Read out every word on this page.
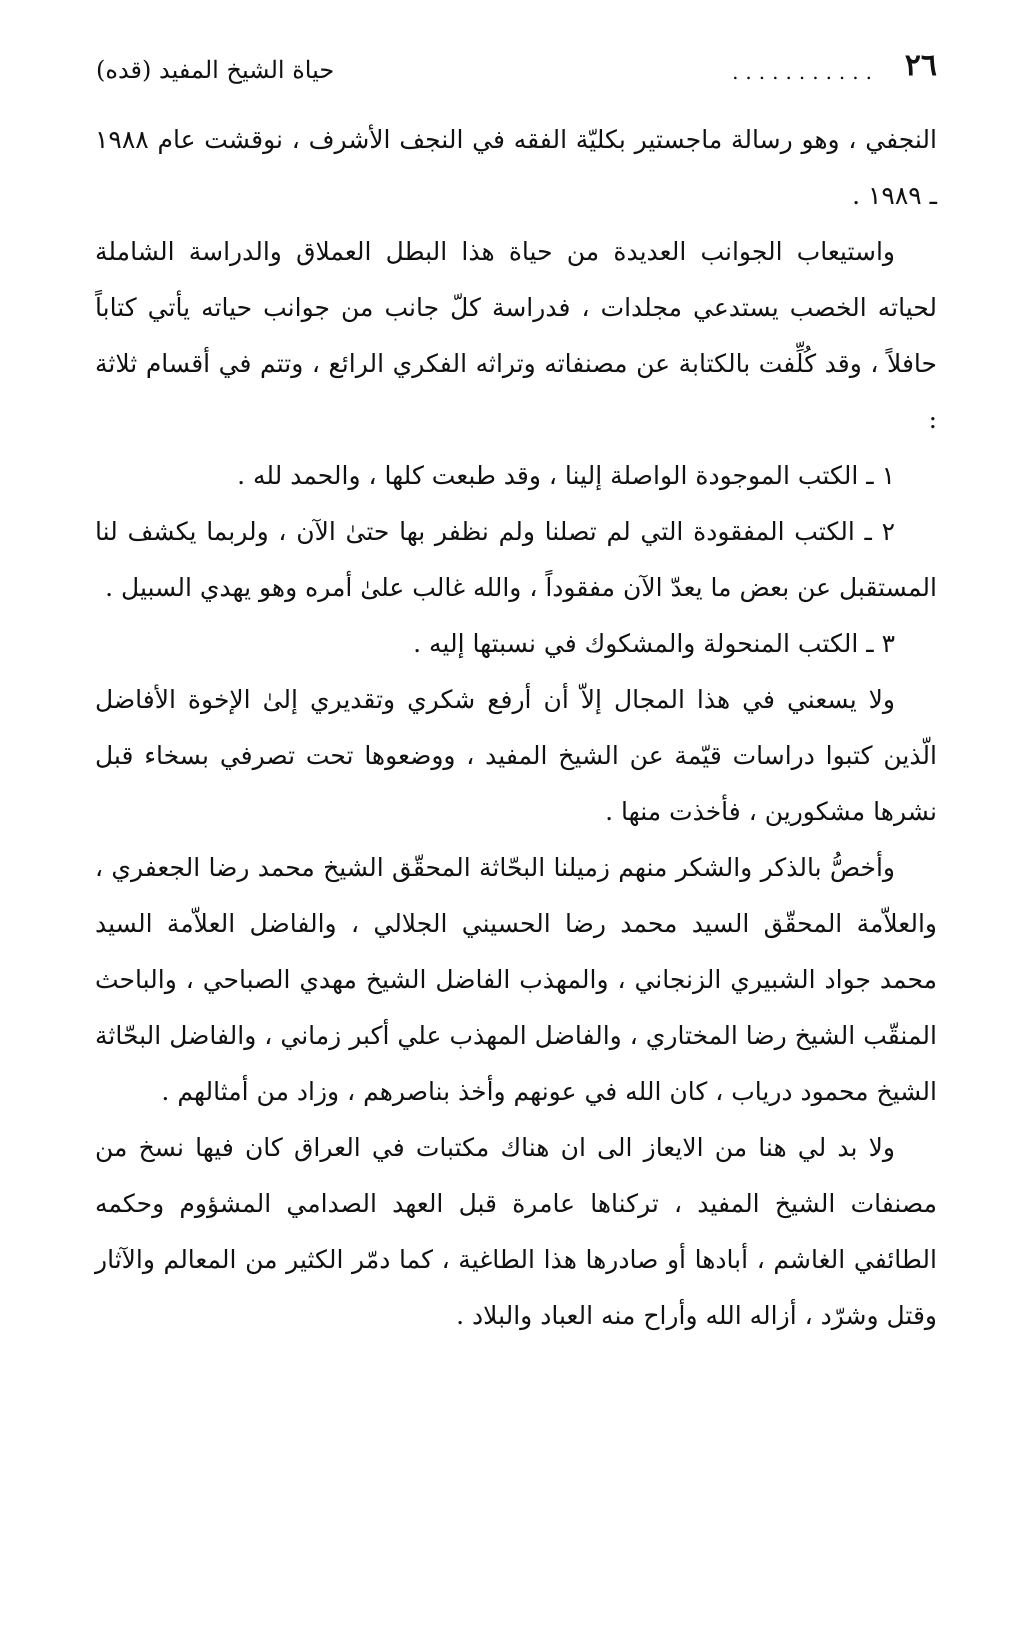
٢٦
...........
حياة الشيخ المفيد (قده)

النجفي ، وهو رسالة ماجستير بكليّة الفقه في النجف الأشرف ، نوقشت عام ١٩٨٨ ـ ١٩٨٩ .

واستيعاب الجوانب العديدة من حياة هذا البطل العملاق والدراسة الشاملة لحياته الخصب يستدعي مجلدات ، فدراسة كلّ جانب من جوانب حياته يأتي كتاباً حافلاً ، وقد كُلِّفت بالكتابة عن مصنفاته وتراثه الفكري الرائع ، وتتم في أقسام ثلاثة :

١ ـ الكتب الموجودة الواصلة إلينا ، وقد طبعت كلها ، والحمد لله .

٢ ـ الكتب المفقودة التي لم تصلنا ولم نظفر بها حتىٰ الآن ، ولربما يكشف لنا المستقبل عن بعض ما يعدّ الآن مفقوداً ، والله غالب علىٰ أمره وهو يهدي السبيل .

٣ ـ الكتب المنحولة والمشكوك في نسبتها إليه .

ولا يسعني في هذا المجال إلاّ أن أرفع شكري وتقديري إلىٰ الإخوة الأفاضل الّذين كتبوا دراسات قيّمة عن الشيخ المفيد ، ووضعوها تحت تصرفي بسخاء قبل نشرها مشكورين ، فأخذت منها .

وأخصُّ بالذكر والشكر منهم زميلنا البحّاثة المحقّق الشيخ محمد رضا الجعفري ، والعلاّمة المحقّق السيد محمد رضا الحسيني الجلالي ، والفاضل العلاّمة السيد محمد جواد الشبيري الزنجاني ، والمهذب الفاضل الشيخ مهدي الصباحي ، والباحث المنقّب الشيخ رضا المختاري ، والفاضل المهذب علي أكبر زماني ، والفاضل البحّاثة الشيخ محمود درياب ، كان الله في عونهم وأخذ بناصرهم ، وزاد من أمثالهم .

ولا بد لي هنا من الايعاز الى ان هناك مكتبات في العراق كان فيها نسخ من مصنفات الشيخ المفيد ، تركناها عامرة قبل العهد الصدامي المشؤوم وحكمه الطائفي الغاشم ، أبادها أو صادرها هذا الطاغية ، كما دمّر الكثير من المعالم والآثار وقتل وشرّد ، أزاله الله وأراح منه العباد والبلاد .
